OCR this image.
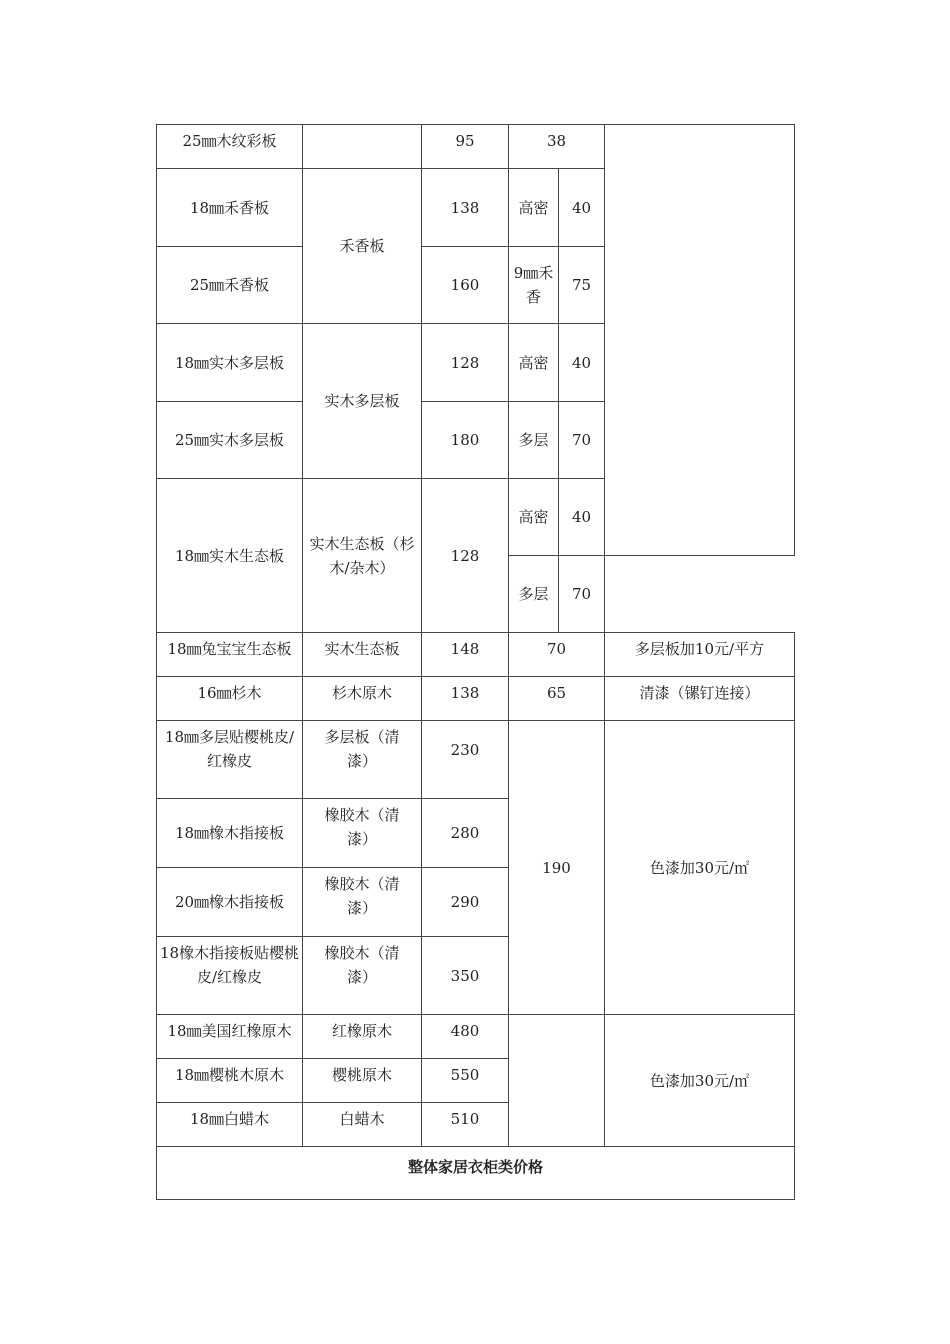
25㎜木纹彩板		95	38		
18㎜禾香板	禾香板	138	高密	40	
25㎜禾香板		160	9㎜禾香	75	
18㎜实木多层板	实木多层板	128	高密	40	
25㎜实木多层板		180	多层	70	
18㎜实木生态板	实木生态板（杉木/杂木）	128	高密	40	
			多层	70	
18㎜兔宝宝生态板	实木生态板	148	70		多层板加10元/平方
16㎜杉木	杉木原木	138	65		清漆（镙钉连接）
18㎜多层贴樱桃皮/红橡皮	多层板（清漆）	230	190		色漆加30元/㎡
18㎜橡木指接板	橡胶木（清漆）	280			
20㎜橡木指接板	橡胶木（清漆）	290			
18橡木指接板贴樱桃皮/红橡皮	橡胶木（清漆）	350			
18㎜美国红橡原木	红橡原木	480			色漆加30元/㎡
18㎜樱桃木原木	樱桃原木	550			
18㎜白蜡木	白蜡木	510			
整体家居衣柜类价格					
